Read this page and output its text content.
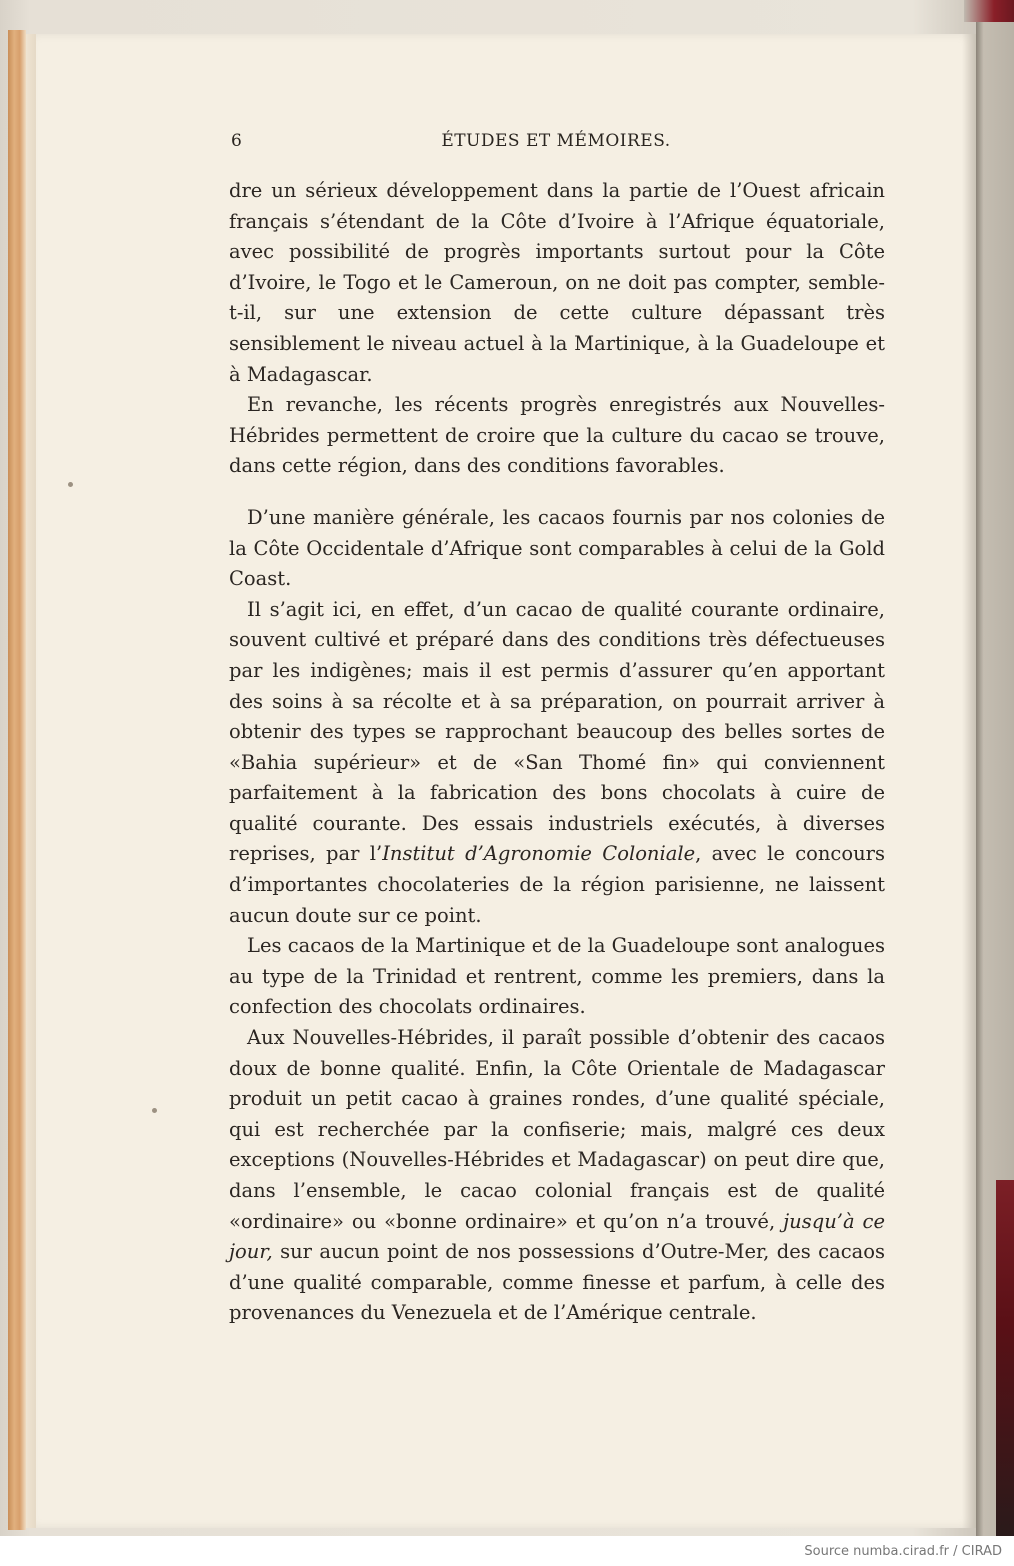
6	ÉTUDES ET MÉMOIRES.

dre un sérieux développement dans la partie de l’Ouest africain français s’étendant de la Côte d’Ivoire à l’Afrique équatoriale, avec possibilité de progrès importants surtout pour la Côte d’Ivoire, le Togo et le Cameroun, on ne doit pas compter, semble-t-il, sur une extension de cette culture dépassant très sensiblement le niveau actuel à la Martinique, à la Guadeloupe et à Madagascar.

En revanche, les récents progrès enregistrés aux Nouvelles-Hébrides permettent de croire que la culture du cacao se trouve, dans cette région, dans des conditions favorables.

D’une manière générale, les cacaos fournis par nos colonies de la Côte Occidentale d’Afrique sont comparables à celui de la Gold Coast.

Il s’agit ici, en effet, d’un cacao de qualité courante ordinaire, souvent cultivé et préparé dans des conditions très défectueuses par les indigènes; mais il est permis d’assurer qu’en apportant des soins à sa récolte et à sa préparation, on pourrait arriver à obtenir des types se rapprochant beaucoup des belles sortes de «Bahia supérieur» et de «San Thomé fin» qui conviennent parfaitement à la fabrication des bons chocolats à cuire de qualité courante. Des essais industriels exécutés, à diverses reprises, par l’Institut d’Agronomie Coloniale, avec le concours d’importantes chocolateries de la région parisienne, ne laissent aucun doute sur ce point.

Les cacaos de la Martinique et de la Guadeloupe sont analogues au type de la Trinidad et rentrent, comme les premiers, dans la confection des chocolats ordinaires.

Aux Nouvelles-Hébrides, il paraît possible d’obtenir des cacaos doux de bonne qualité. Enfin, la Côte Orientale de Madagascar produit un petit cacao à graines rondes, d’une qualité spéciale, qui est recherchée par la confiserie; mais, malgré ces deux exceptions (Nouvelles-Hébrides et Madagascar) on peut dire que, dans l’ensemble, le cacao colonial français est de qualité «ordinaire» ou «bonne ordinaire» et qu’on n’a trouvé, jusqu’à ce jour, sur aucun point de nos possessions d’Outre-Mer, des cacaos d’une qualité comparable, comme finesse et parfum, à celle des provenances du Venezuela et de l’Amérique centrale.

Source numba.cirad.fr / CIRAD
